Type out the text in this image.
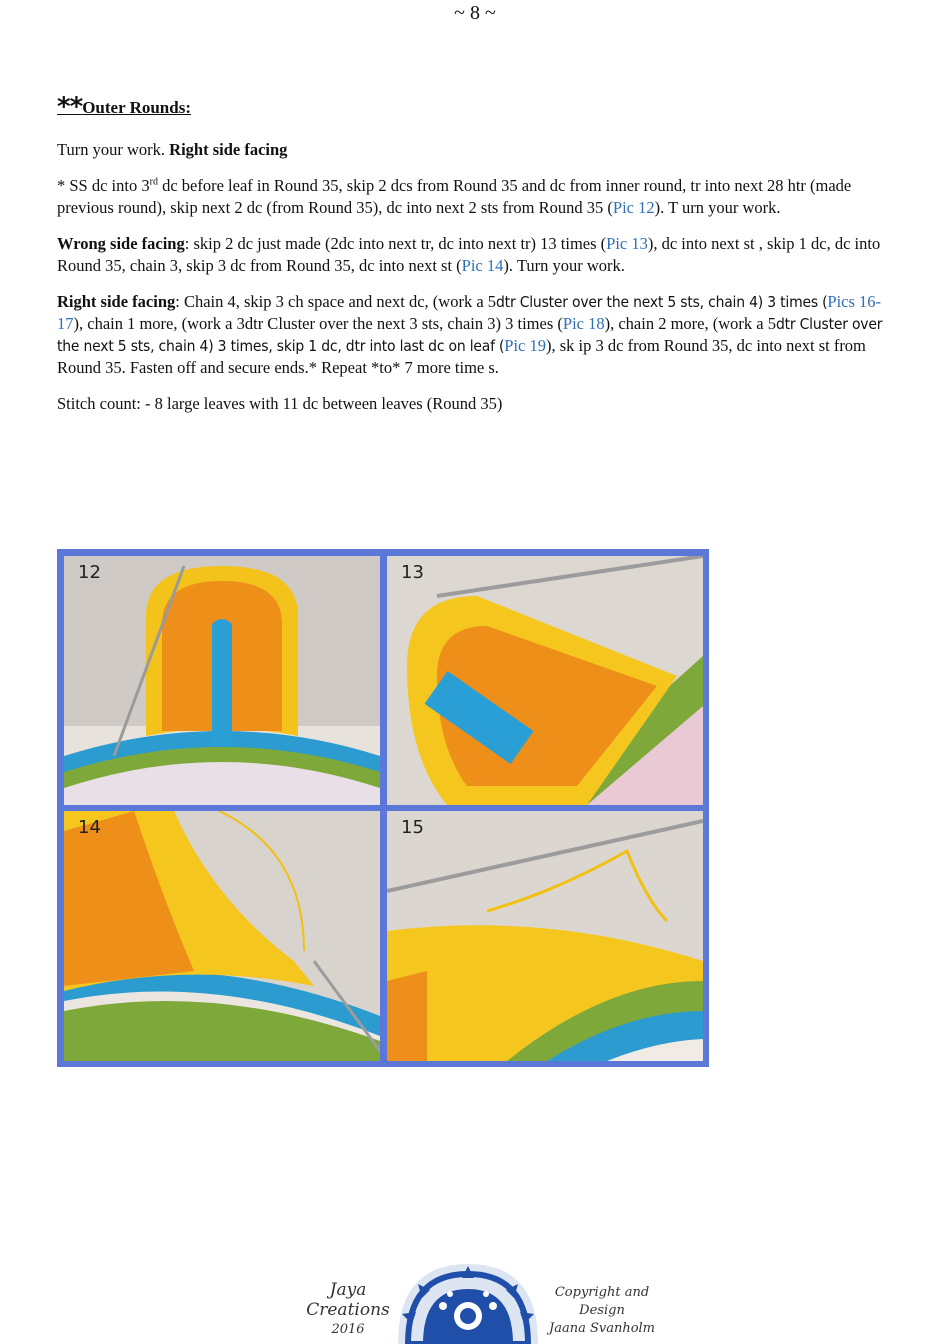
~ 8 ~
**Outer Rounds:

Turn your work. Right side facing

* SS dc into 3rd dc before leaf in Round 35, skip 2 dcs from Round 35 and dc from inner round, tr into next 28 htr (made previous round), skip next 2 dc (from Round 35), dc into next 2 sts from Round 35 (Pic 12). T urn your work.

Wrong side facing: skip 2 dc just made (2dc into next tr, dc into next tr) 13 times (Pic 13), dc into next st , skip 1 dc, dc into Round 35, chain 3, skip 3 dc from Round 35, dc into next st (Pic 14). Turn your work.

Right side facing: Chain 4, skip 3 ch space and next dc, (work a 5dtr Cluster over the next 5 sts, chain 4) 3 times (Pics 16-17), chain 1 more, (work a 3dtr Cluster over the next 3 sts, chain 3) 3 times (Pic 18), chain 2 more, (work a 5dtr Cluster over the next 5 sts, chain 4) 3 times, skip 1 dc, dtr into last dc on leaf (Pic 19), sk ip 3 dc from Round 35, dc into next st from Round 35. Fasten off and secure ends.* Repeat *to* 7 more time s.

Stitch count: - 8 large leaves with 11 dc between leaves (Round 35)

12	13
14	15
Jaya Creations
2016
Copyright and Design
Jaana Svanholm
